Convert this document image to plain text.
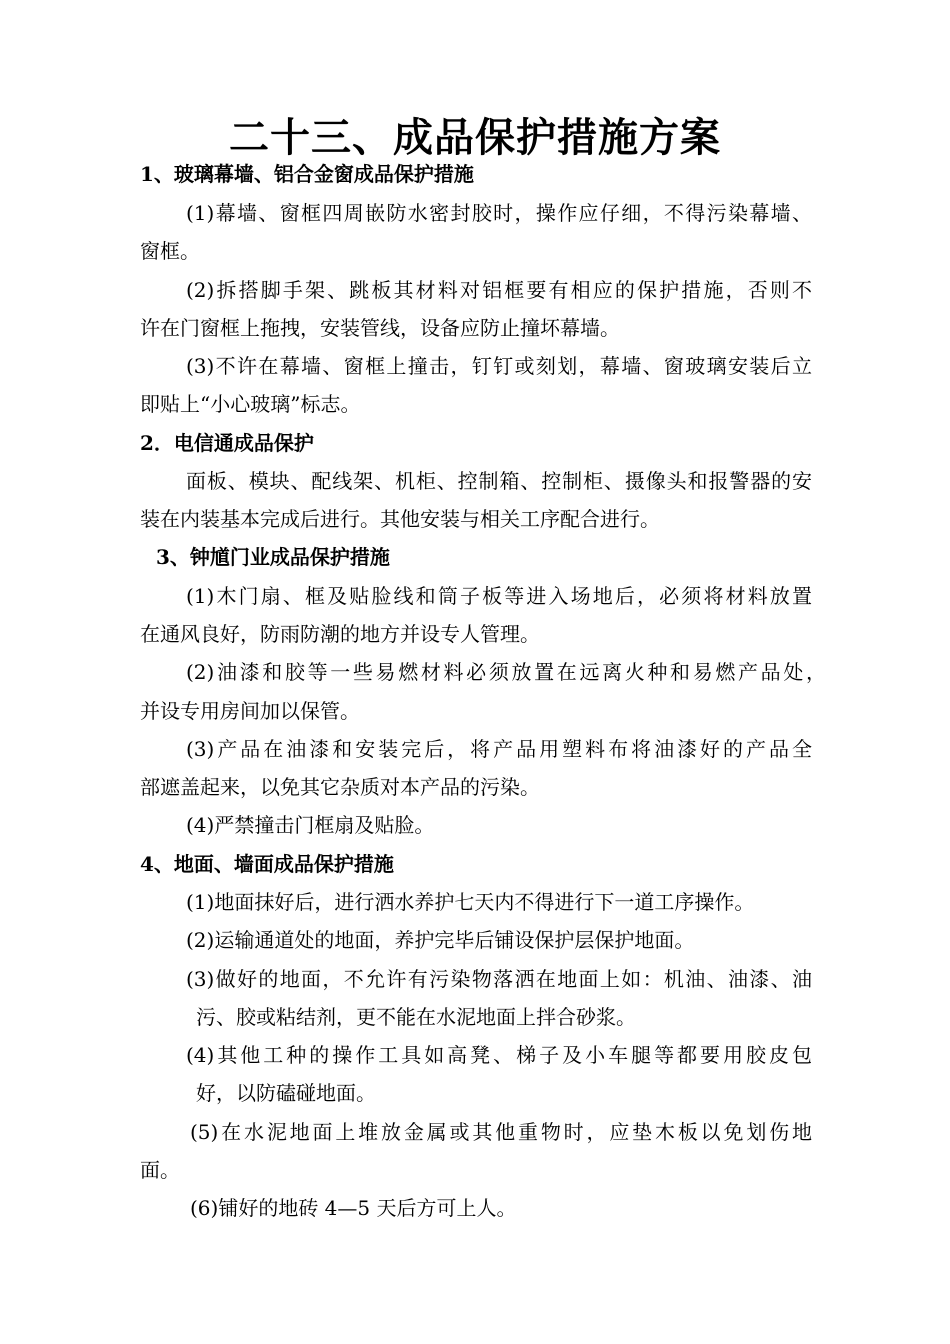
二十三、成品保护措施方案
1、玻璃幕墙、铝合金窗成品保护措施
(1)幕墙、窗框四周嵌防水密封胶时，操作应仔细，不得污染幕墙、
窗框。
(2)拆搭脚手架、跳板其材料对铝框要有相应的保护措施，否则不
许在门窗框上拖拽，安装管线，设备应防止撞坏幕墙。
(3)不许在幕墙、窗框上撞击，钉钉或刻划，幕墙、窗玻璃安装后立
即贴上“小心玻璃”标志。
2．电信通成品保护
面板、模块、配线架、机柜、控制箱、控制柜、摄像头和报警器的安
装在内装基本完成后进行。其他安装与相关工序配合进行。
3、钟馗门业成品保护措施
(1)木门扇、框及贴脸线和筒子板等进入场地后，必须将材料放置
在通风良好，防雨防潮的地方并设专人管理。
(2)油漆和胶等一些易燃材料必须放置在远离火种和易燃产品处，
并设专用房间加以保管。
(3)产品在油漆和安装完后，将产品用塑料布将油漆好的产品全
部遮盖起来，以免其它杂质对本产品的污染。
(4)严禁撞击门框扇及贴脸。
4、地面、墙面成品保护措施
(1)地面抹好后，进行洒水养护七天内不得进行下一道工序操作。
(2)运输通道处的地面，养护完毕后铺设保护层保护地面。
(3)做好的地面，不允许有污染物落洒在地面上如：机油、油漆、油
污、胶或粘结剂，更不能在水泥地面上拌合砂浆。
(4)其他工种的操作工具如高凳、梯子及小车腿等都要用胶皮包
好，以防磕碰地面。
(5)在水泥地面上堆放金属或其他重物时，应垫木板以免划伤地
面。
(6)铺好的地砖 4—5 天后方可上人。
